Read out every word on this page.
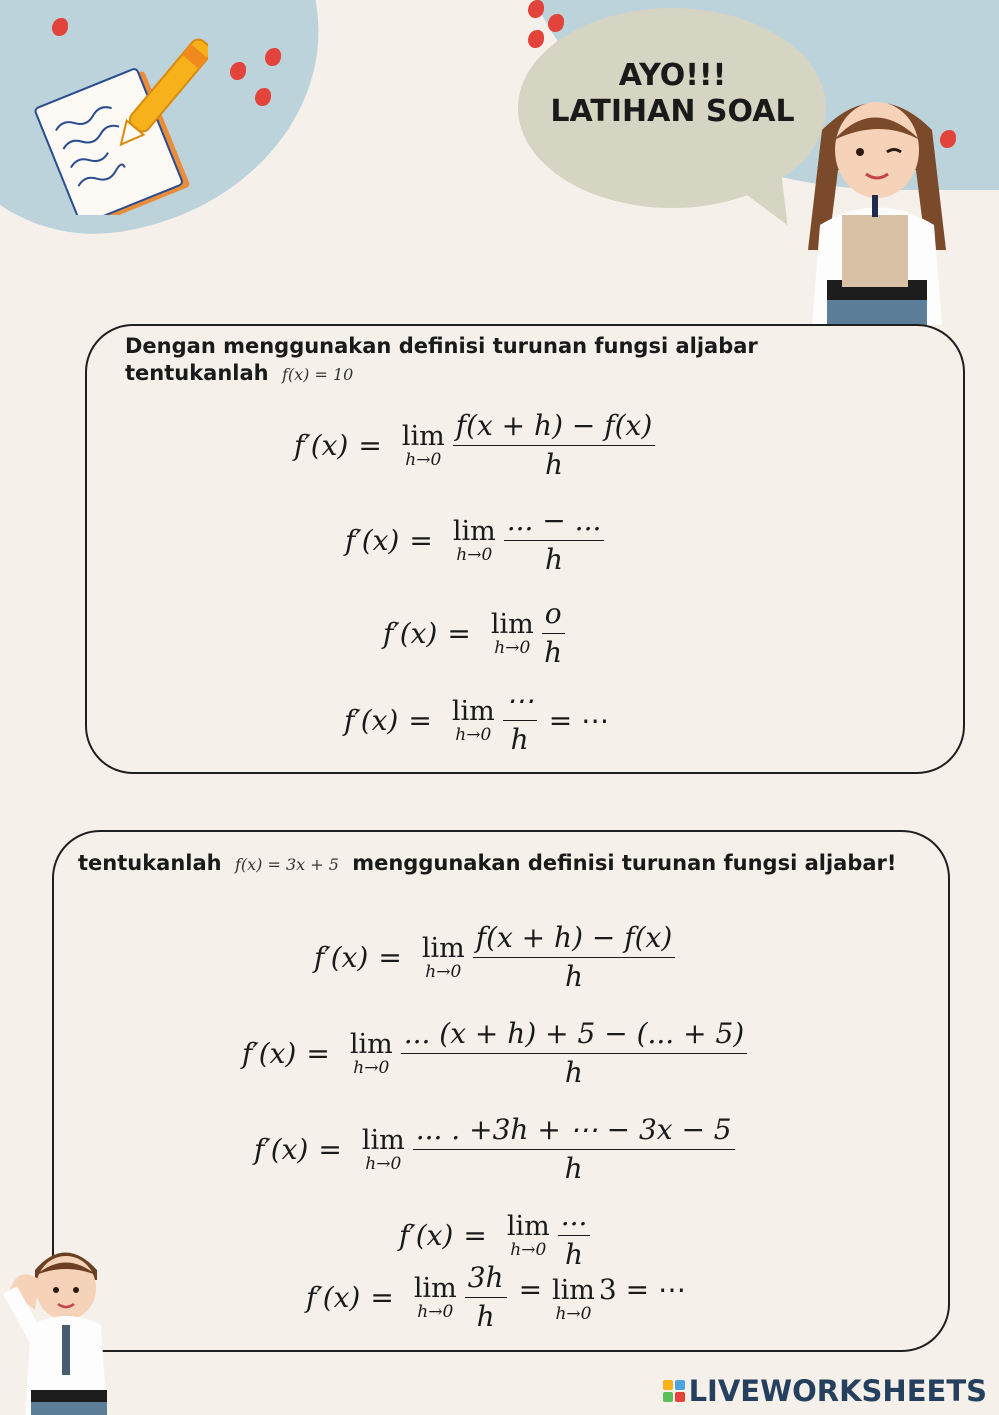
AYO!!!
LATIHAN SOAL
Dengan menggunakan definisi turunan fungsi aljabar
tentukanlah f(x) = 10
f′(x) = lim
$h\to 0 \frac{f(x + h) - f(x)}{h}$
f′(x) = lim
$h\to 0 \frac{... - ...}{h}$
f′(x) = lim
$h\to 0 \frac{o}{h}$
f′(x) = lim
$h\to 0 \frac{\cdots}{h}$ = ⋯
tentukanlah f(x) = 3x + 5 menggunakan definisi turunan fungsi aljabar!
f′(x) = lim
$h\to 0 \frac{f(x + h) - f(x)}{h}$
f′(x) = lim
$h\to 0 \frac{... (x + h) + 5 - (... + 5)}{h}$
f′(x) = lim
$h\to 0 \frac{... . +3h + \cdots - 3x - 5}{h}$
f′(x) = lim
$h\to 0 \frac{...}{h}$
f′(x) = lim
$h\to 0 \frac{3h}{h} = \lim$
h→0
3 = ⋯
LIVEWORKSHEETS
